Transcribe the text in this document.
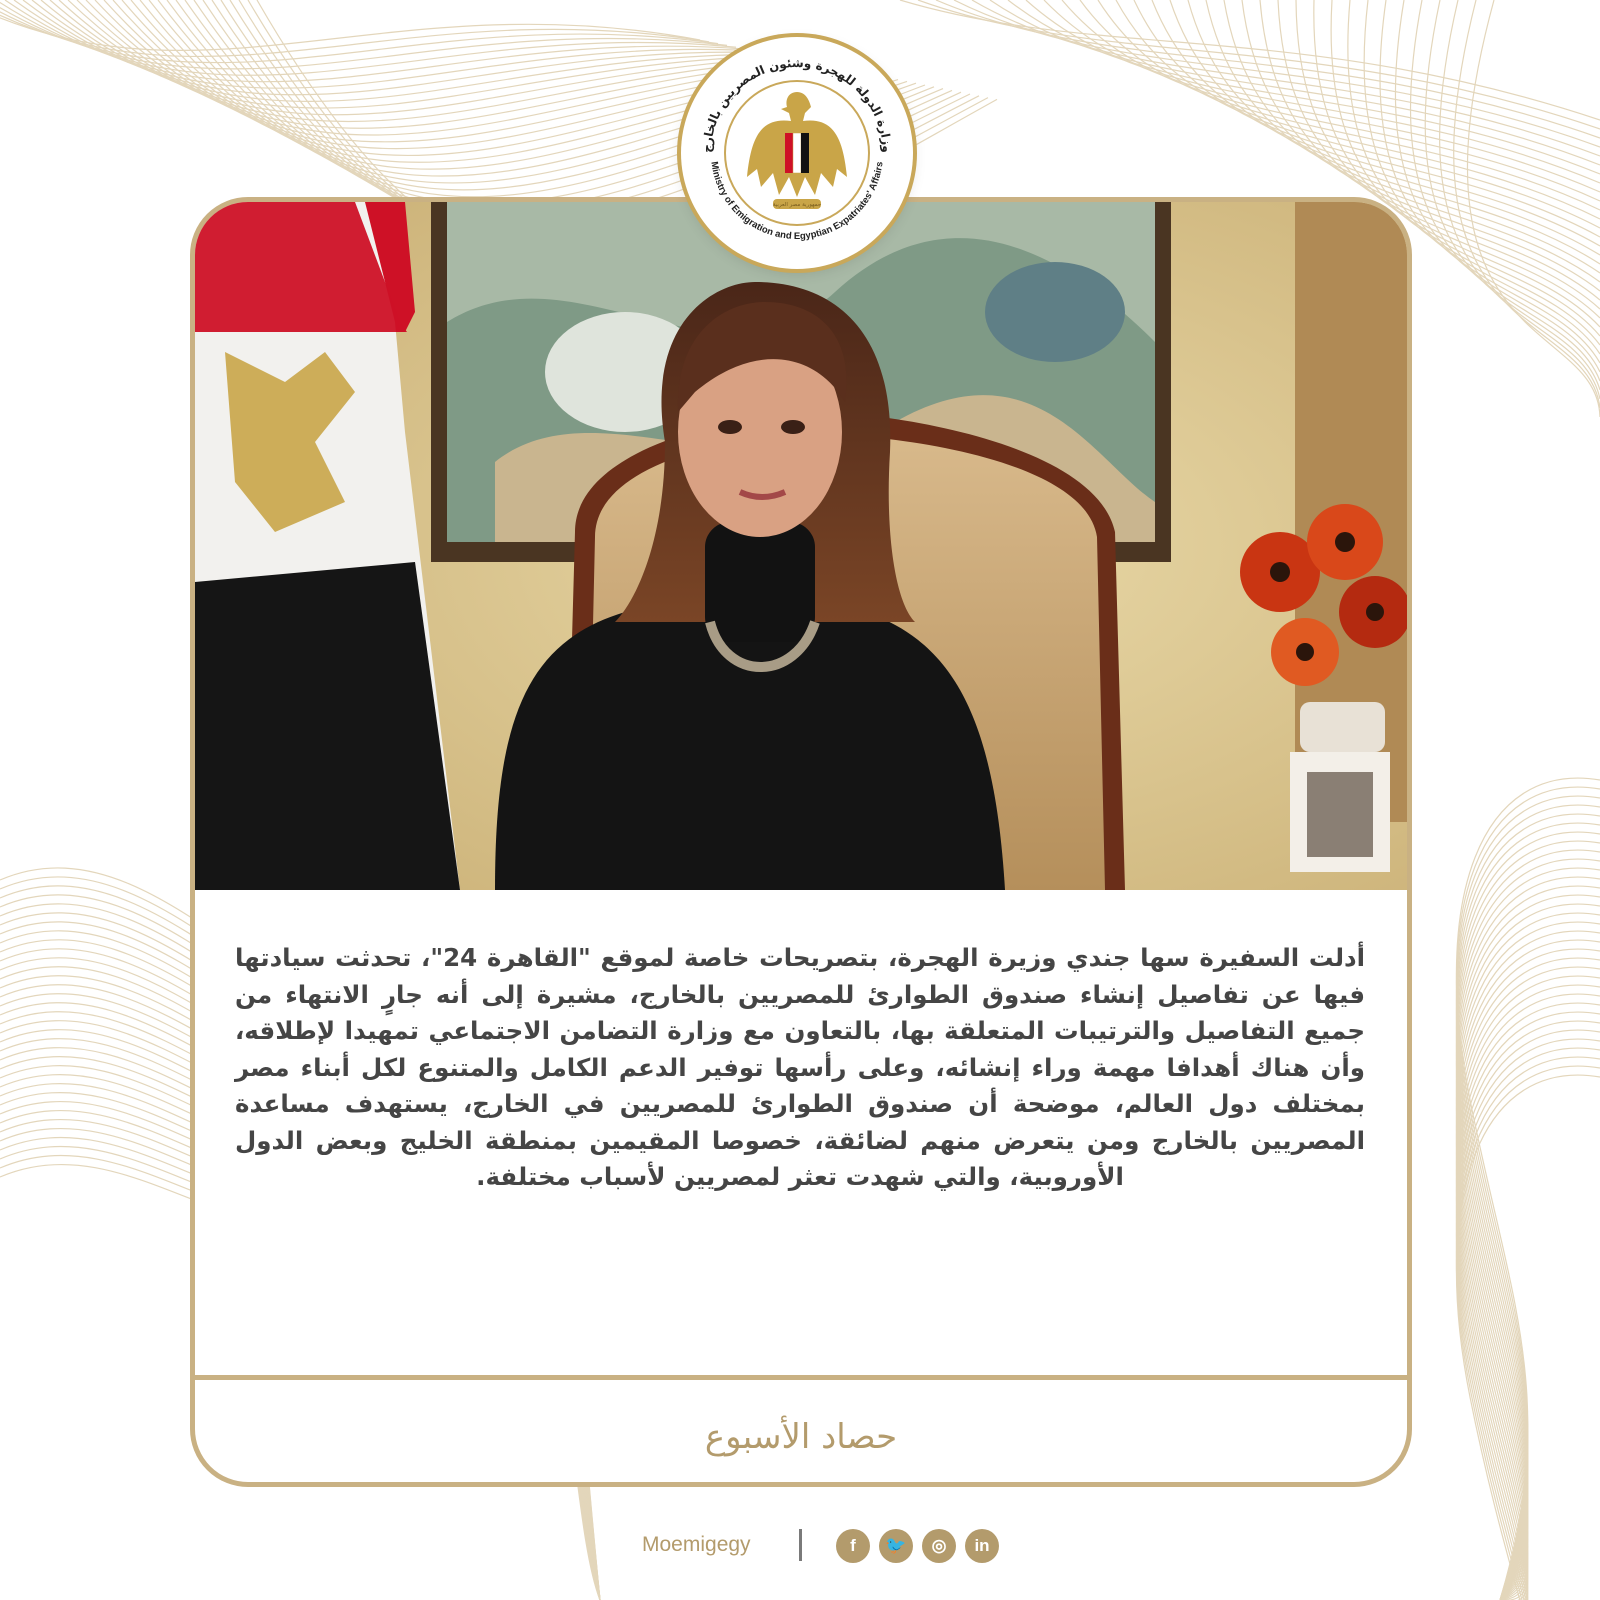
أدلت السفيرة سها جندي وزيرة الهجرة، بتصريحات خاصة لموقع "القاهرة 24"، تحدثت سيادتها فيها عن تفاصيل إنشاء صندوق الطوارئ للمصريين بالخارج، مشيرة إلى أنه جارٍ الانتهاء من جميع التفاصيل والترتيبات المتعلقة بها، بالتعاون مع وزارة التضامن الاجتماعي تمهيدا لإطلاقه، وأن هناك أهدافا مهمة وراء إنشائه، وعلى رأسها توفير الدعم الكامل والمتنوع لكل أبناء مصر بمختلف دول العالم، موضحة أن صندوق الطوارئ للمصريين في الخارج، يستهدف مساعدة المصريين بالخارج ومن يتعرض منهم لضائقة، خصوصا المقيمين بمنطقة الخليج وبعض الدول الأوروبية، والتي شهدت تعثر لمصريين لأسباب مختلفة.

حصاد الأسبوع
وزارة الدولة للهجرة وشئون المصريين بالخارج
Ministry of Emigration and Egyptian Expatriates' Affairs
جمهورية مصر العربية
Moemigegy	f	🐦	◎	in
